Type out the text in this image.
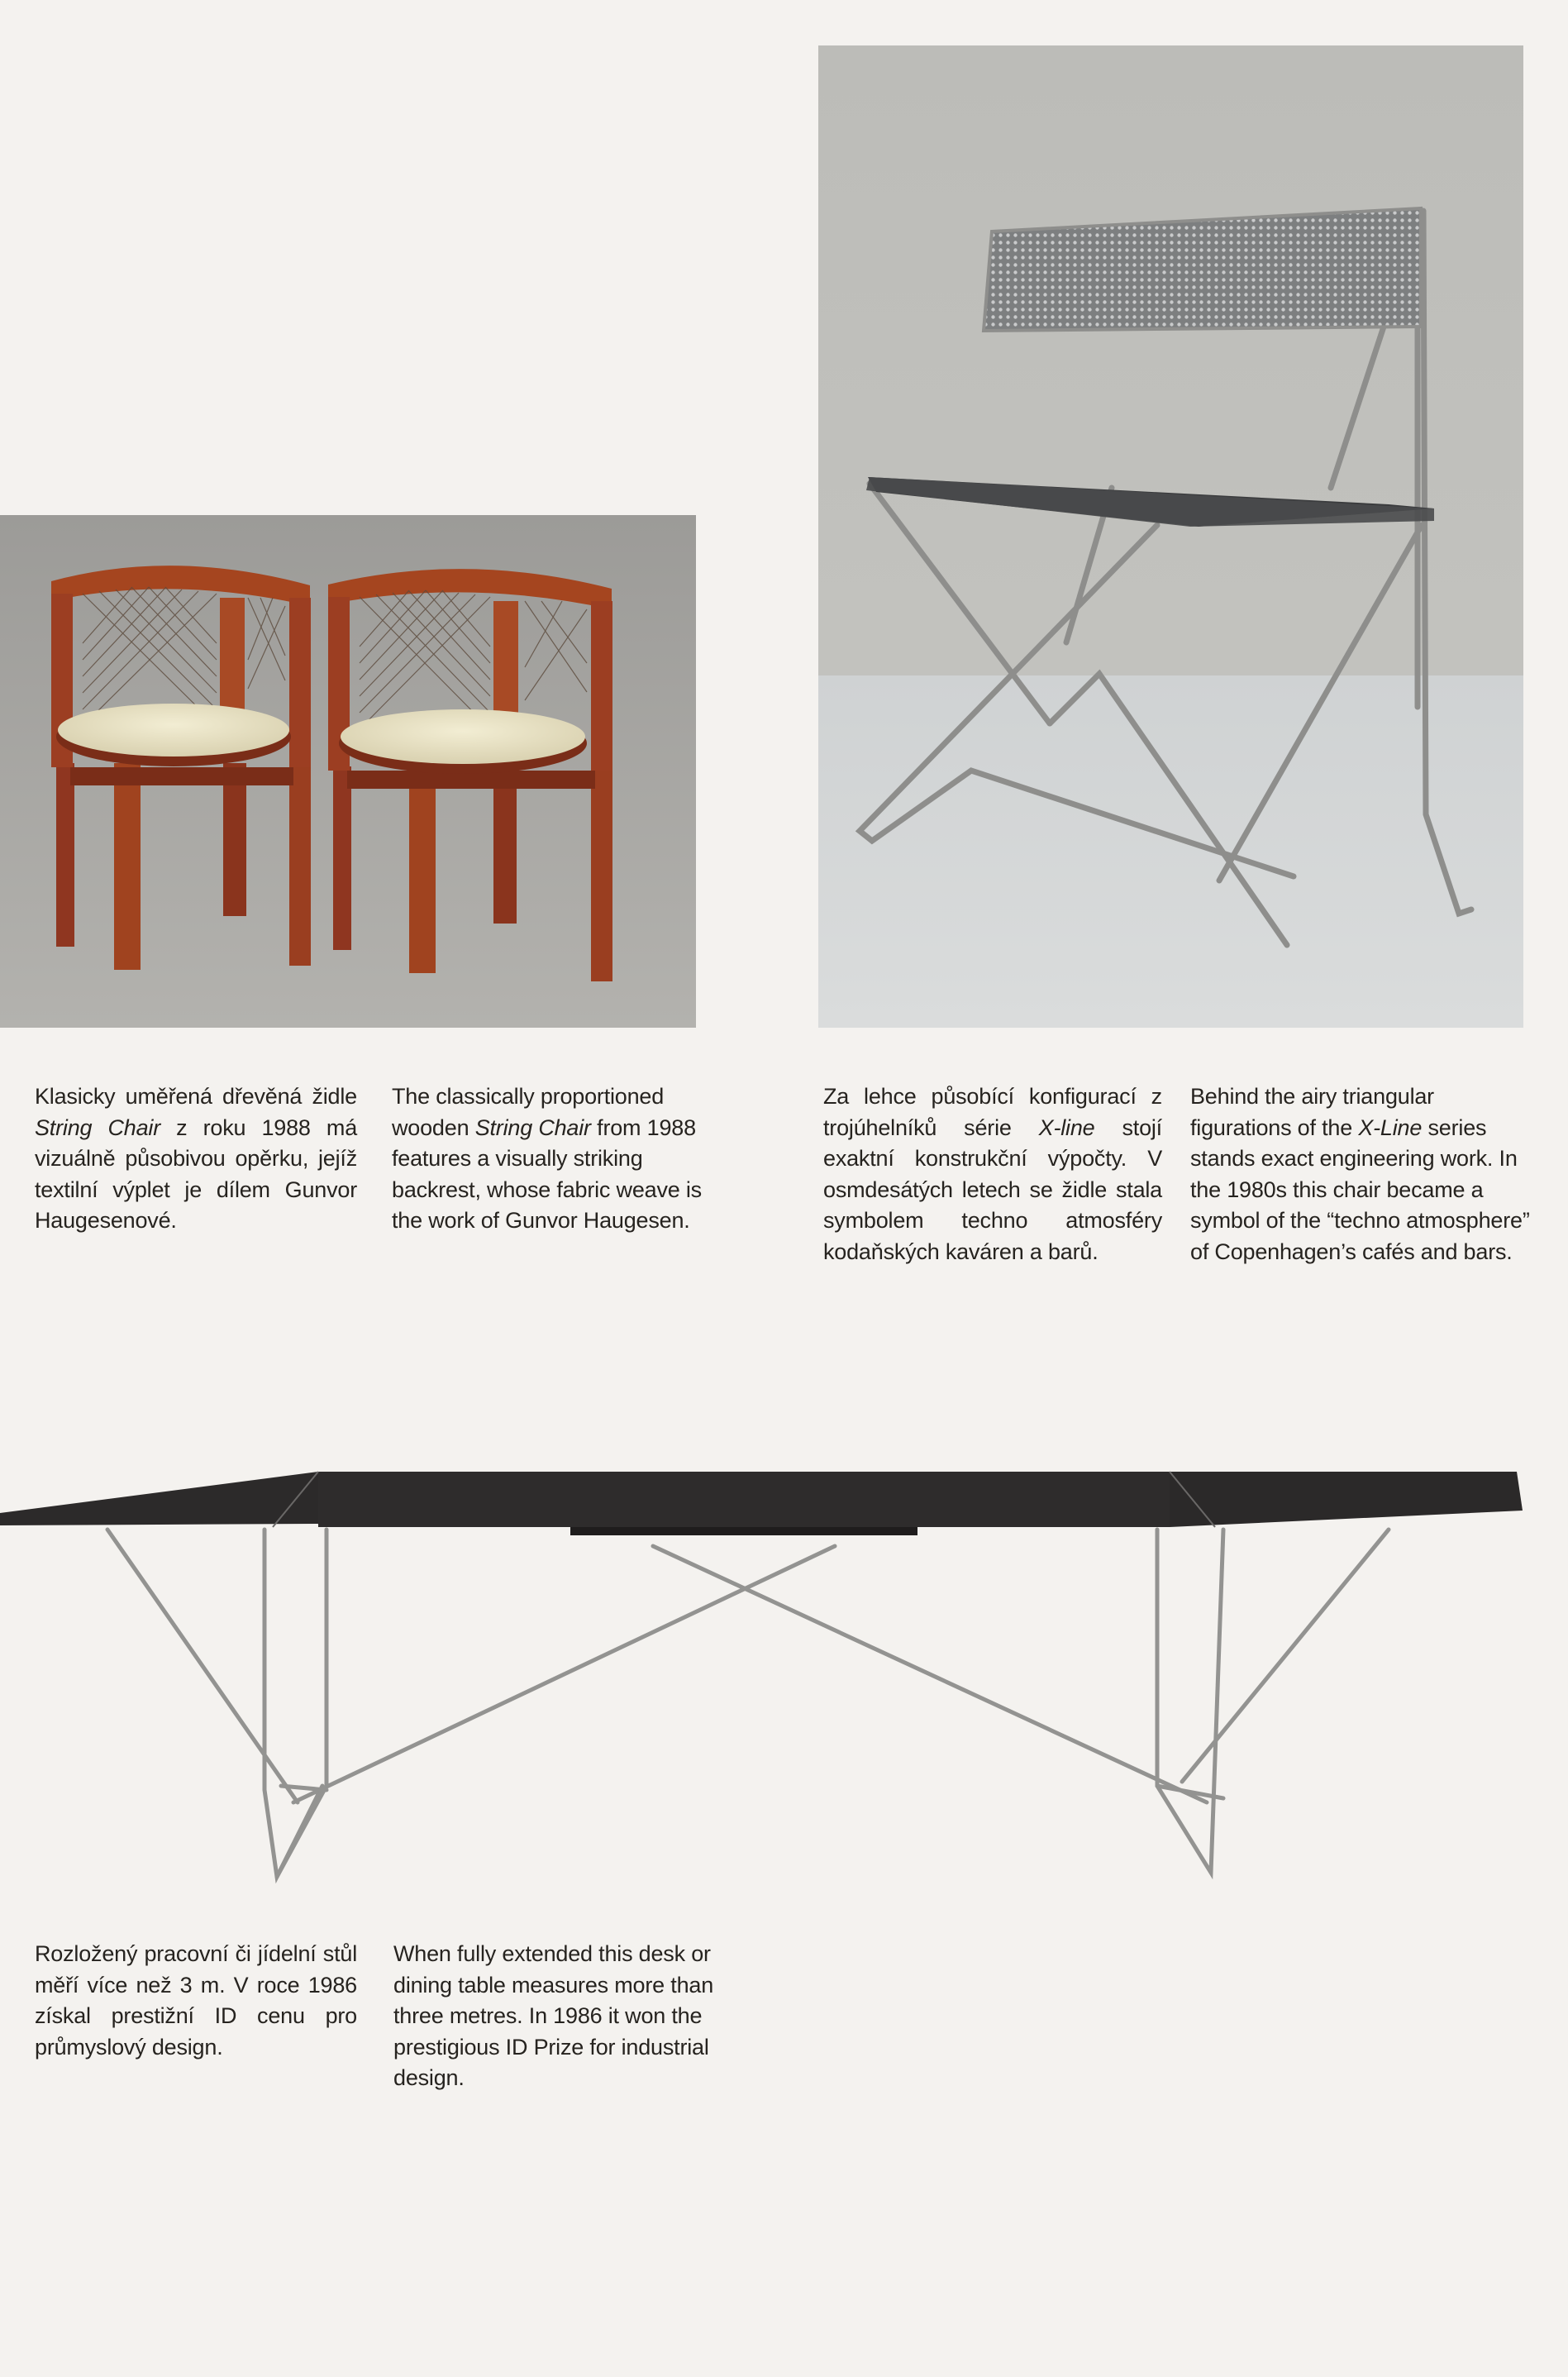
Klasicky uměřená dřevěná židle String Chair z roku 1988 má vizuálně působivou opěrku, jejíž textilní výplet je dílem Gunvor Haugesenové.

The classically proportioned wooden String Chair from 1988 features a visually striking backrest, whose fabric weave is the work of Gunvor Haugesen.

Za lehce působící konfigurací z trojúhelníků série X-line stojí exaktní konstrukční výpočty. V osmdesátých letech se židle stala symbolem techno atmosféry kodaňských kaváren a barů.

Behind the airy triangular figurations of the X-Line series stands exact engineering work. In the 1980s this chair became a symbol of the “techno atmosphere” of Copenhagen’s cafés and bars.

Rozložený pracovní či jídelní stůl měří více než 3 m. V roce 1986 získal prestižní ID cenu pro průmyslový design.

When fully extended this desk or dining table measures more than three metres. In 1986 it won the prestigious ID Prize for industrial design.
